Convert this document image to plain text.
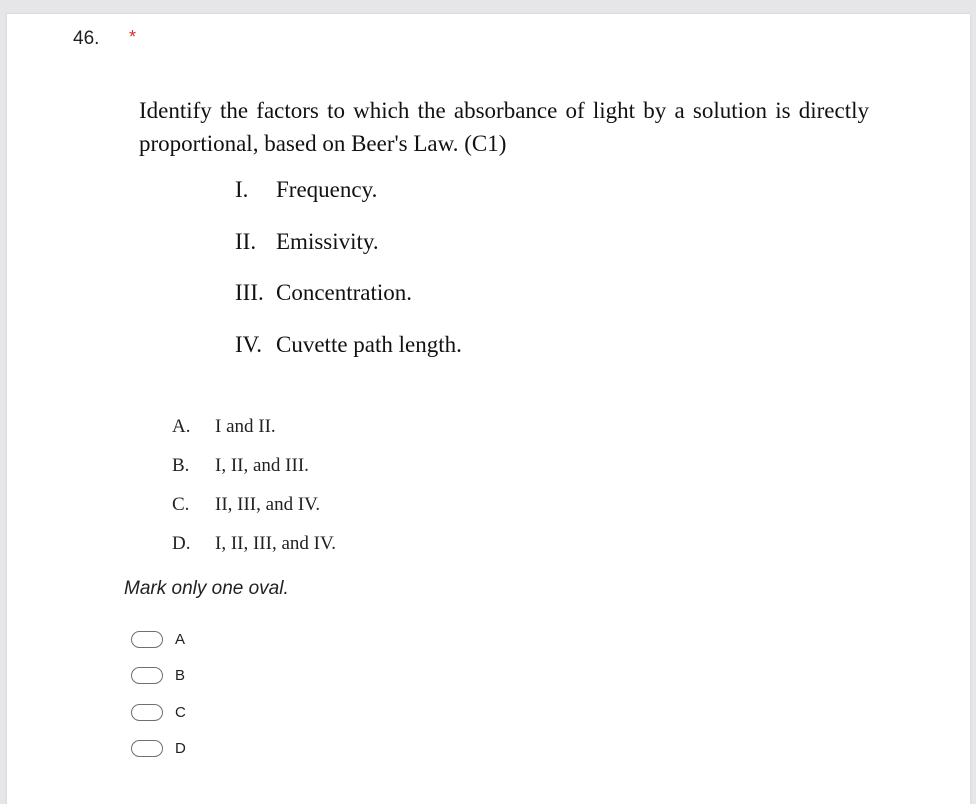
46. *
Identify the factors to which the absorbance of light by a solution is directly proportional, based on Beer's Law. (C1)
I. Frequency.
II. Emissivity.
III. Concentration.
IV. Cuvette path length.
A. I and II.
B. I, II, and III.
C. II, III, and IV.
D. I, II, III, and IV.
Mark only one oval.
A
B
C
D
